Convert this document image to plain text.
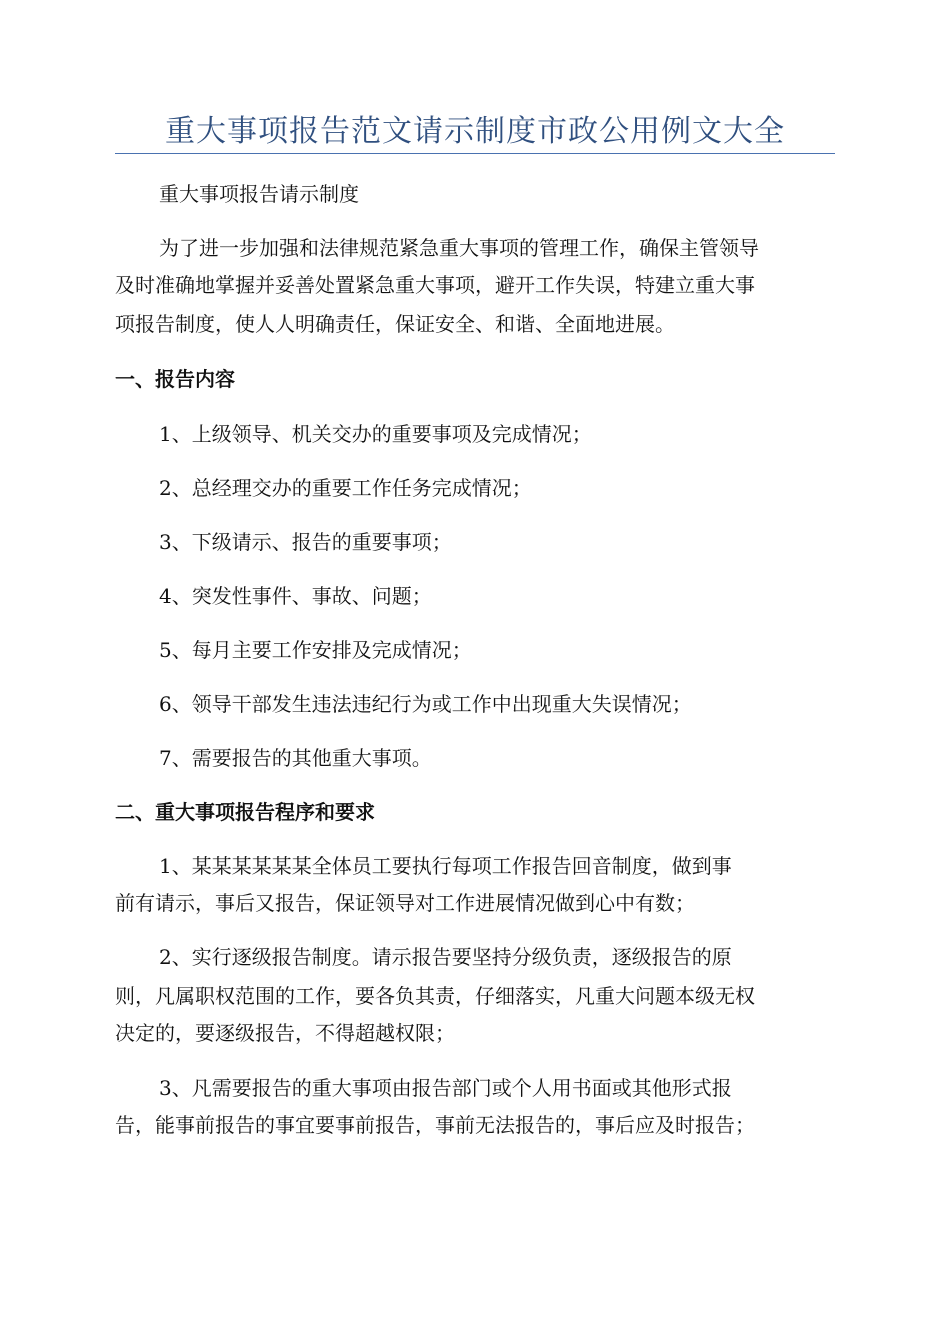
重大事项报告范文请示制度市政公用例文大全
重大事项报告请示制度
为了进一步加强和法律规范紧急重大事项的管理工作，确保主管领导
及时准确地掌握并妥善处置紧急重大事项，避开工作失误，特建立重大事
项报告制度，使人人明确责任，保证安全、和谐、全面地进展。
一、报告内容
1、上级领导、机关交办的重要事项及完成情况；
2、总经理交办的重要工作任务完成情况；
3、下级请示、报告的重要事项；
4、突发性事件、事故、问题；
5、每月主要工作安排及完成情况；
6、领导干部发生违法违纪行为或工作中出现重大失误情况；
7、需要报告的其他重大事项。
二、重大事项报告程序和要求
1、某某某某某某全体员工要执行每项工作报告回音制度，做到事
前有请示，事后又报告，保证领导对工作进展情况做到心中有数；
2、实行逐级报告制度。请示报告要坚持分级负责，逐级报告的原
则，凡属职权范围的工作，要各负其责，仔细落实，凡重大问题本级无权
决定的，要逐级报告，不得超越权限；
3、凡需要报告的重大事项由报告部门或个人用书面或其他形式报
告，能事前报告的事宜要事前报告，事前无法报告的，事后应及时报告；
